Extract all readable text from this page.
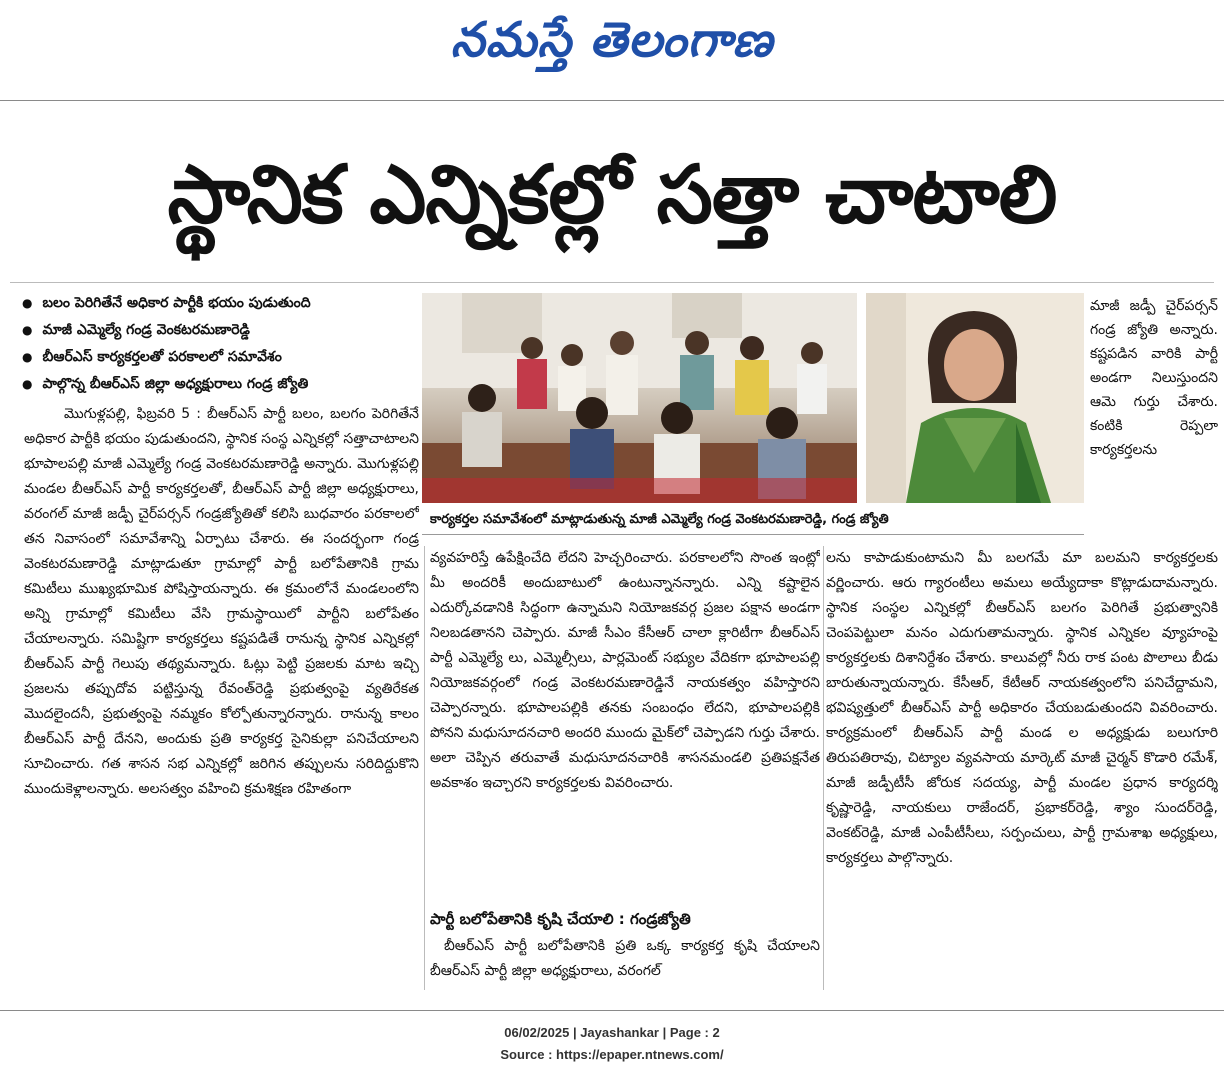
నమస్తే తెలంగాణ
స్థానిక ఎన్నికల్లో సత్తా చాటాలి
● బలం పెరిగితేనే అధికార పార్టీకి భయం పుడుతుంది
● మాజీ ఎమ్మెల్యే గండ్ర వెంకటరమణారెడ్డి
● బీఆర్ఎస్ కార్యకర్తలతో పరకాలలో సమావేశం
● పాల్గొన్న బీఆర్ఎస్ జిల్లా అధ్యక్షురాలు గండ్ర జ్యోతి

మొగుళ్లపల్లి, ఫిబ్రవరి 5 : బీఆర్ఎస్ పార్టీ బలం, బలగం పెరిగితేనే అధికార పార్టీకి భయం పుడుతుందని, స్థానిక సంస్థ ఎన్నికల్లో సత్తాచాటాలని భూపాలపల్లి మాజీ ఎమ్మెల్యే గండ్ర వెంకటరమణారెడ్డి అన్నారు. మొగుళ్లపల్లి మండల బీఆర్ఎస్ పార్టీ కార్యకర్తలతో, బీఆర్ఎస్ పార్టీ జిల్లా అధ్యక్షురాలు, వరంగల్ మాజీ జడ్పీ చైర్‌పర్సన్ గండ్రజ్యోతితో కలిసి బుధవారం పరకాలలో తన నివాసంలో సమావేశాన్ని ఏర్పాటు చేశారు. ఈ సందర్భంగా గండ్ర వెంకటరమణారెడ్డి మాట్లాడుతూ గ్రామాల్లో పార్టీ బలోపేతానికి గ్రామ కమిటీలు ముఖ్యభూమిక పోషిస్తాయన్నారు. ఈ క్రమంలోనే మండలంలోని అన్ని గ్రామాల్లో కమిటీలు వేసి గ్రామస్థాయిలో పార్టీని బలోపేతం చేయాలన్నారు. సమిష్టిగా కార్యకర్తలు కష్టపడితే రానున్న స్థానిక ఎన్నికల్లో బీఆర్ఎస్ పార్టీ గెలుపు తథ్యమన్నారు. ఓట్లు పెట్టి ప్రజలకు మాట ఇచ్చి ప్రజలను తప్పుదోవ పట్టిస్తున్న రేవంత్‌రెడ్డి ప్రభుత్వంపై వ్యతిరేకత మొదలైందనీ, ప్రభుత్వంపై నమ్మకం కోల్పోతున్నారన్నారు. రానున్న కాలం బీఆర్ఎస్ పార్టీ దేనని, అందుకు ప్రతి కార్యకర్త సైనికుల్లా పనిచేయాలని సూచించారు. గత శాసన సభ ఎన్నికల్లో జరిగిన తప్పులను సరిదిద్దుకొని ముందుకెళ్లాలన్నారు. అలసత్వం వహించి క్రమశిక్షణ రహితంగా

కార్యకర్తల సమావేశంలో మాట్లాడుతున్న మాజీ ఎమ్మెల్యే గండ్ర వెంకటరమణారెడ్డి, గండ్ర జ్యోతి

మాజీ జడ్పీ చైర్‌పర్సన్ గండ్ర జ్యోతి అన్నారు. కష్టపడిన వారికి పార్టీ అండగా నిలుస్తుందని ఆమె గుర్తు చేశారు. కంటికి రెప్పలా కార్యకర్తలను

వ్యవహరిస్తే ఉపేక్షించేది లేదని హెచ్చరించారు. పరకాలలోని సొంత ఇంట్లో మీ అందరికీ అందుబాటులో ఉంటున్నానన్నారు. ఎన్ని కష్టాలైన ఎదుర్కోవడానికి సిద్ధంగా ఉన్నామని నియోజకవర్గ ప్రజల పక్షాన అండగా నిలబడతానని చెప్పారు. మాజీ సీఎం కేసీఆర్ చాలా క్లారిటీగా బీఆర్ఎస్ పార్టీ ఎమ్మెల్యే లు, ఎమ్మెల్సీలు, పార్లమెంట్ సభ్యుల వేదికగా భూపాలపల్లి నియోజకవర్గంలో గండ్ర వెంకటరమణారెడ్డినే నాయకత్వం వహిస్తారని చెప్పారన్నారు. భూపాలపల్లికి తనకు సంబంధం లేదని, భూపాలపల్లికి పోనని మధుసూదనచారి అందరి ముందు మైక్‌లో చెప్పాడని గుర్తు చేశారు. అలా చెప్పిన తరువాతే మధుసూదనచారికి శాసనమండలి ప్రతిపక్షనేత అవకాశం ఇచ్చారని కార్యకర్తలకు వివరించారు.

పార్టీ బలోపేతానికి కృషి చేయాలి : గండ్రజ్యోతి

బీఆర్ఎస్ పార్టీ బలోపేతానికి ప్రతి ఒక్క కార్యకర్త కృషి చేయాలని బీఆర్ఎస్ పార్టీ జిల్లా అధ్యక్షురాలు, వరంగల్

లను కాపాడుకుంటామని మీ బలగమే మా బలమని కార్యకర్తలకు వర్ణించారు. ఆరు గ్యారంటీలు అమలు అయ్యేదాకా కొట్లాడుదామన్నారు. స్థానిక సంస్థల ఎన్నికల్లో బీఆర్ఎస్ బలగం పెరిగితే ప్రభుత్వానికి చెంపపెట్టులా మనం ఎదుగుతామన్నారు. స్థానిక ఎన్నికల వ్యూహంపై కార్యకర్తలకు దిశానిర్దేశం చేశారు. కాలువల్లో నీరు రాక పంట పొలాలు బీడు బారుతున్నాయన్నారు. కేసీఆర్, కేటీఆర్ నాయకత్వంలోని పనిచేద్దామని, భవిష్యత్తులో బీఆర్ఎస్ పార్టీ అధికారం చేయబడుతుందని వివరించారు. కార్యక్రమంలో బీఆర్ఎస్ పార్టీ మండ ల అధ్యక్షుడు బలుగూరి తిరుపతిరావు, చిట్యాల వ్యవసాయ మార్కెట్ మాజీ చైర్మన్ కొడారి రమేశ్, మాజీ జడ్పీటీసీ జోరుక సదయ్య, పార్టీ మండల ప్రధాన కార్యదర్శి కృష్ణారెడ్డి, నాయకులు రాజేందర్, ప్రభాకర్‌రెడ్డి, శ్యాం సుందర్‌రెడ్డి, వెంకట్‌రెడ్డి, మాజీ ఎంపీటీసీలు, సర్పంచులు, పార్టీ గ్రామశాఖ అధ్యక్షులు, కార్యకర్తలు పాల్గొన్నారు.

06/02/2025 | Jayashankar | Page : 2
Source : https://epaper.ntnews.com/
